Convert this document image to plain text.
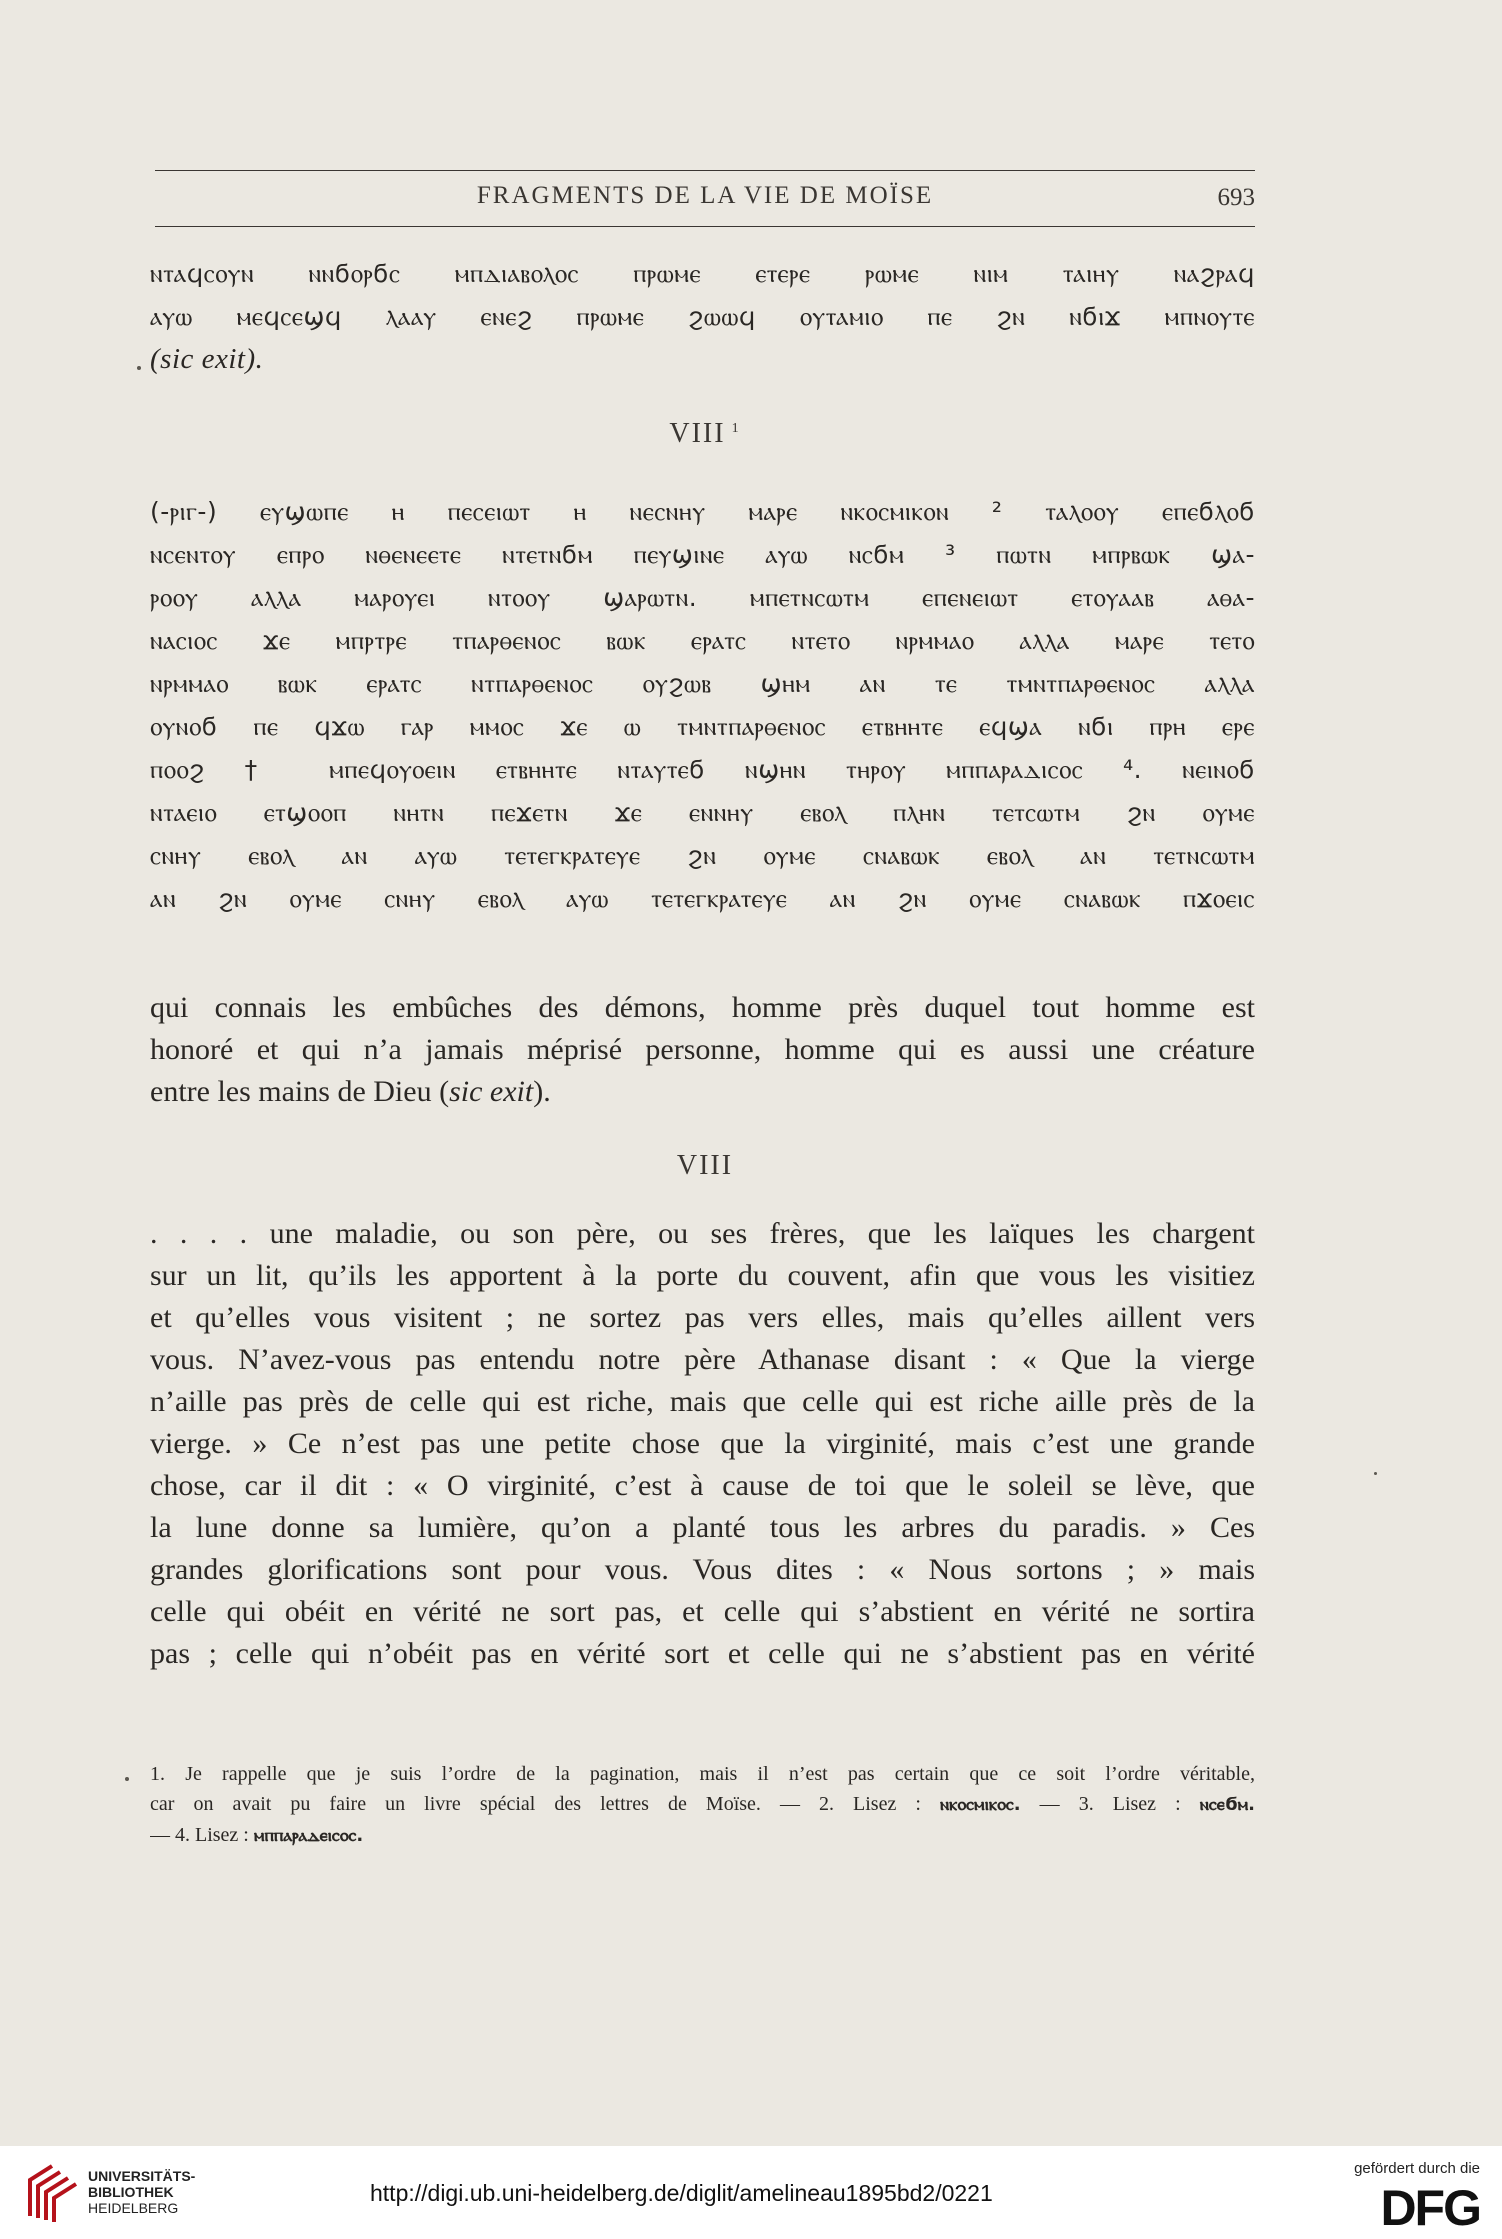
FRAGMENTS DE LA VIE DE MOÏSE	693
ⲛⲧⲁϥⲥⲟⲩⲛ ⲛⲛϭⲟⲣϭⲥ ⲙⲡⲇⲓⲁⲃⲟⲗⲟⲥ ⲡⲣⲱⲙⲉ ⲉⲧⲉⲣⲉ ⲣⲱⲙⲉ ⲛⲓⲙ ⲧⲁⲓⲏⲩ ⲛⲁϩⲣⲁϥ
ⲁⲩⲱ ⲙⲉϥⲥⲉϣϥ ⲗⲁⲁⲩ ⲉⲛⲉϩ ⲡⲣⲱⲙⲉ ϩⲱⲱϥ ⲟⲩⲧⲁⲙⲓⲟ ⲡⲉ ϩⲛ ⲛϭⲓϫ ⲙⲡⲛⲟⲩⲧⲉ
(sic exit).
VIII $^1$
(-ⲣⲓⲅ-) ⲉⲩϣⲱⲡⲉ ⲏ ⲡⲉⲥⲉⲓⲱⲧ ⲏ ⲛⲉⲥⲛⲏⲩ ⲙⲁⲣⲉ ⲛⲕⲟⲥⲙⲓⲕⲟⲛ ² ⲧⲁⲗⲟⲟⲩ ⲉⲡⲉϭⲗⲟϭ
ⲛⲥⲉⲛⲧⲟⲩ ⲉⲡⲣⲟ ⲛⲑⲉⲛⲉⲉⲧⲉ ⲛⲧⲉⲧⲛϭⲙ ⲡⲉⲩϣⲓⲛⲉ ⲁⲩⲱ ⲛⲥϭⲙ ³ ⲡⲱⲧⲛ ⲙⲡⲣⲃⲱⲕ ϣⲁ-
ⲣⲟⲟⲩ ⲁⲗⲗⲁ ⲙⲁⲣⲟⲩⲉⲓ ⲛⲧⲟⲟⲩ ϣⲁⲣⲱⲧⲛ. ⲙⲡⲉⲧⲛⲥⲱⲧⲙ ⲉⲡⲉⲛⲉⲓⲱⲧ ⲉⲧⲟⲩⲁⲁⲃ ⲁⲑⲁ-
ⲛⲁⲥⲓⲟⲥ ϫⲉ ⲙⲡⲣⲧⲣⲉ ⲧⲡⲁⲣⲑⲉⲛⲟⲥ ⲃⲱⲕ ⲉⲣⲁⲧⲥ ⲛⲧⲉⲧⲟ ⲛⲣⲙⲙⲁⲟ ⲁⲗⲗⲁ ⲙⲁⲣⲉ ⲧⲉⲧⲟ
ⲛⲣⲙⲙⲁⲟ ⲃⲱⲕ ⲉⲣⲁⲧⲥ ⲛⲧⲡⲁⲣⲑⲉⲛⲟⲥ ⲟⲩϩⲱⲃ ϣⲏⲙ ⲁⲛ ⲧⲉ ⲧⲙⲛⲧⲡⲁⲣⲑⲉⲛⲟⲥ ⲁⲗⲗⲁ
ⲟⲩⲛⲟϭ ⲡⲉ ϥϫⲱ ⲅⲁⲣ ⲙⲙⲟⲥ ϫⲉ ⲱ ⲧⲙⲛⲧⲡⲁⲣⲑⲉⲛⲟⲥ ⲉⲧⲃⲏⲏⲧⲉ ⲉϥϣⲁ ⲛϭⲓ ⲡⲣⲏ ⲉⲣⲉ
ⲡⲟⲟϩ † ⲙⲡⲉϥⲟⲩⲟⲉⲓⲛ ⲉⲧⲃⲏⲏⲧⲉ ⲛⲧⲁⲩⲧⲉϭ ⲛϣⲏⲛ ⲧⲏⲣⲟⲩ ⲙⲡⲡⲁⲣⲁⲇⲓⲥⲟⲥ ⁴. ⲛⲉⲓⲛⲟϭ
ⲛⲧⲁⲉⲓⲟ ⲉⲧϣⲟⲟⲡ ⲛⲏⲧⲛ ⲡⲉϫⲉⲧⲛ ϫⲉ ⲉⲛⲛⲏⲩ ⲉⲃⲟⲗ ⲡⲗⲏⲛ ⲧⲉⲧⲥⲱⲧⲙ ϩⲛ ⲟⲩⲙⲉ
ⲥⲛⲏⲩ ⲉⲃⲟⲗ ⲁⲛ ⲁⲩⲱ ⲧⲉⲧⲉⲅⲕⲣⲁⲧⲉⲩⲉ ϩⲛ ⲟⲩⲙⲉ ⲥⲛⲁⲃⲱⲕ ⲉⲃⲟⲗ ⲁⲛ ⲧⲉⲧⲛⲥⲱⲧⲙ
ⲁⲛ ϩⲛ ⲟⲩⲙⲉ ⲥⲛⲏⲩ ⲉⲃⲟⲗ ⲁⲩⲱ ⲧⲉⲧⲉⲅⲕⲣⲁⲧⲉⲩⲉ ⲁⲛ ϩⲛ ⲟⲩⲙⲉ ⲥⲛⲁⲃⲱⲕ ⲡϫⲟⲉⲓⲥ
qui connais les embûches des démons, homme près duquel tout homme est
honoré et qui n’a jamais méprisé personne, homme qui es aussi une créature
entre les mains de Dieu (sic exit).
VIII
. . . . une maladie, ou son père, ou ses frères, que les laïques les chargent
sur un lit, qu’ils les apportent à la porte du couvent, afin que vous les visitiez
et qu’elles vous visitent ; ne sortez pas vers elles, mais qu’elles aillent vers
vous. N’avez-vous pas entendu notre père Athanase disant : « Que la vierge
n’aille pas près de celle qui est riche, mais que celle qui est riche aille près de la
vierge. » Ce n’est pas une petite chose que la virginité, mais c’est une grande
chose, car il dit : « O virginité, c’est à cause de toi que le soleil se lève, que
la lune donne sa lumière, qu’on a planté tous les arbres du paradis. » Ces
grandes glorifications sont pour vous. Vous dites : « Nous sortons ; » mais
celle qui obéit en vérité ne sort pas, et celle qui s’abstient en vérité ne sortira
pas ; celle qui n’obéit pas en vérité sort et celle qui ne s’abstient pas en vérité
1. Je rappelle que je suis l’ordre de la pagination, mais il n’est pas certain que ce soit l’ordre véritable,
car on avait pu faire un livre spécial des lettres de Moïse. — 2. Lisez : ⲛⲕⲟⲥⲙⲓⲕⲟⲥ. — 3. Lisez : ⲛⲥⲉϭⲙ.
— 4. Lisez : ⲙⲡⲡⲁⲣⲁⲇⲉⲓⲥⲟⲥ.
UNIVERSITÄTS-
BIBLIOTHEK
HEIDELBERG
http://digi.ub.uni-heidelberg.de/diglit/amelineau1895bd2/0221
gefördert durch die
DFG
